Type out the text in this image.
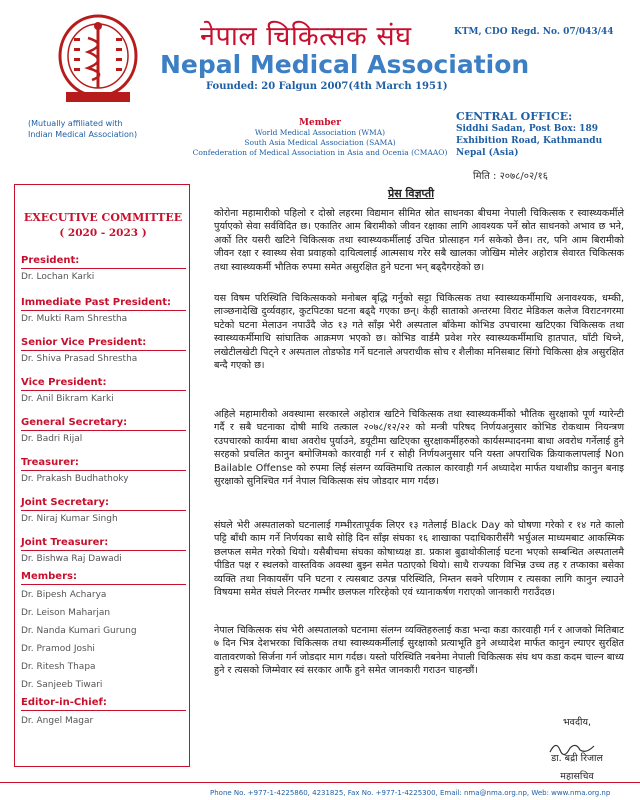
नेपाल चिकित्सक संघ
Nepal Medical Association
Founded: 20 Falgun 2007(4th March 1951)
KTM, CDO Regd. No. 07/043/44
(Mutually affiliated with
Indian Medical Association)
Member
World Medical Association (WMA)
South Asia Medical Association (SAMA)
Confederation of Medical Association in Asia and Ocenia (CMAAO)
CENTRAL OFFICE:
Siddhi Sadan, Post Box: 189
Exhibition Road, Kathmandu
Nepal (Asia)
मिति : २०७८/०२/१६
EXECUTIVE COMMITTEE
( 2020 - 2023 )
President:
Dr. Lochan Karki
Immediate Past President:
Dr. Mukti Ram Shrestha
Senior Vice President:
Dr. Shiva Prasad Shrestha
Vice President:
Dr. Anil Bikram Karki
General Secretary:
Dr. Badri Rijal
Treasurer:
Dr. Prakash Budhathoky
Joint Secretary:
Dr. Niraj Kumar Singh
Joint Treasurer:
Dr. Bishwa Raj Dawadi
Members:
Dr. Bipesh Acharya
Dr. Leison Maharjan
Dr. Nanda Kumari Gurung
Dr. Pramod Joshi
Dr. Ritesh Thapa
Dr. Sanjeeb Tiwari
Editor-in-Chief:
Dr. Angel Magar
प्रेस विज्ञप्ती
कोरोना महामारीको पहिलो र दोस्रो लहरमा विद्यमान सीमित स्रोत साधनका बीचमा नेपाली चिकित्सक र स्वास्थ्यकर्मीले पुर्याएको सेवा सर्वविदित छ। एकातिर आम बिरामीको जीवन रक्षाका लागि आवश्यक पर्ने स्रोत साधनको अभाव छ भने, अर्को तिर यसरी खटिने चिकित्सक तथा स्वास्थ्यकर्मीलाई उचित प्रोत्साहन गर्न सकेको छैन। तर, पनि आम बिरामीको जीवन रक्षा र स्वास्थ्य सेवा प्रवाहको दायित्वलाई आत्मसाथ गरेर सबै खालका जोखिम मोलेर अहोरात्र सेवारत चिकित्सक तथा स्वास्थ्यकर्मी भौतिक रुपमा समेत असुरक्षित हुने घटना भन् बढ्दैगरहेको छ।
यस विषम परिस्थिति चिकित्सकको मनोबल बृद्धि गर्नुको सट्टा चिकित्सक तथा स्वास्थ्यकर्मीमाथि अनावश्यक, धम्की, लाञ्छनादेखि दुर्व्यवहार, कुटपिटका घटना बढ्दै गएका छन्। केही साताको अन्तरमा विराट मेडिकल कलेज विराटनगरमा घटेको घटना मेलाउन नपाउँदै जेठ १३ गते साँझ भेरी अस्पताल बाँकेमा कोभिड उपचारमा खटिएका चिकित्सक तथा स्वास्थ्यकर्मीमाथि सांघातिक आक्रमण भएको छ। कोभिड वार्डमै प्रवेश गरेर स्वास्थ्यकर्मीमाथि हातपात, घाँटी थिच्ने, लखेटीलखेटी पिट्ने र अस्पताल तोडफोड गर्ने घटनाले अपराधीक सोच र शैलीका मनिसबाट सिंगो चिकित्सा क्षेत्र असुरक्षित बन्दै गएको छ।
अहिले महामारीको अवस्थामा सरकारले अहोरात्र खटिने चिकित्सक तथा स्वास्थ्यकर्मीको भौतिक सुरक्षाको पूर्ण ग्यारेन्टी गर्दै र सबै घटनाका दोषी माथि तत्काल २०७८/१२/२२ को मन्त्री परिषद निर्णयअनुसार कोभिड रोकथाम नियन्त्रण रउपचारको कार्यमा बाधा अवरोध पुर्याउने, डयूटीमा खटिएका सुरक्षाकर्मीहरुको कार्यसम्पादनमा बाधा अवरोध गर्नेलाई हुने सरहको प्रचलित कानुन बमोजिमको कारवाही गर्न र सोही निर्णयअनुसार पनि यस्ता अपराधिक क्रियाकलापलाई Non Bailable Offense को रुपमा लिई संलग्न व्यक्तिमाथि तत्काल कारवाही गर्न अध्यादेश मार्फत यथाशीघ्र कानुन बनाइ सुरक्षाको सुनिश्चित गर्न नेपाल चिकित्सक संघ जोडदार माग गर्दछ।
संघले भेरी अस्पतालको घटनालाई गम्भीरतापूर्वक लिएर १३ गतेलाई Black Day को घोषणा गरेको र १४ गते कालो पट्टि बाँधी काम गर्ने निर्णयका साथै सोहि दिन साँझ संघका १६ शाखाका पदाधिकारीसँगै भर्चुअल माध्यमबाट आकस्मिक छलफल समेत गरेको थियो। यसैबीचमा संघका कोषाध्यक्ष डा. प्रकाश बुढाथोकीलाई घटना भएको सम्बन्धित अस्पतालमै पीडित पक्ष र स्थलको वास्तविक अवस्था बुझ्न समेत पठाएको थियो। साथै राज्यका विभिन्न उच्च तह र तप्काका बसेका व्यक्ति तथा निकायसँग पनि घटना र त्यसबाट उत्पन्न परिस्थिति, निम्तन सक्ने परिणाम र त्यसका लागि कानुन ल्याउने विषयमा समेत संघले निरन्तर गम्भीर छलफल गरिरहेको एवं ध्यानाकर्षण गराएको जानकारी गराउँदछ।
नेपाल चिकित्सक संघ भेरी अस्पतालको घटनामा संलग्न व्यक्तिहरुलाई कडा भन्दा कडा कारवाही गर्न र आजको मितिबाट ७ दिन भित्र देशभरका चिकित्सक तथा स्वास्थ्यकर्मीलाई सुरक्षाको प्रत्याभूति हुने अध्यादेश मार्फत कानुन ल्याएर सुरक्षित वातावरणको सिर्जना गर्न जोडदार माग गर्दछ। यस्तो परिस्थिति नबनेमा नेपाली चिकित्सक संघ थप कडा कदम चाल्न बाध्य हुने र त्यसको जिम्मेवार स्वं सरकार आफैं हुने समेत जानकारी गराउन चाहन्छौं।
भवदीय,
डा. बद्री रिजाल
महासचिव
Phone No. +977-1-4225860, 4231825, Fax No. +977-1-4225300, Email: nma@nma.org.np, Web: www.nma.org.np
